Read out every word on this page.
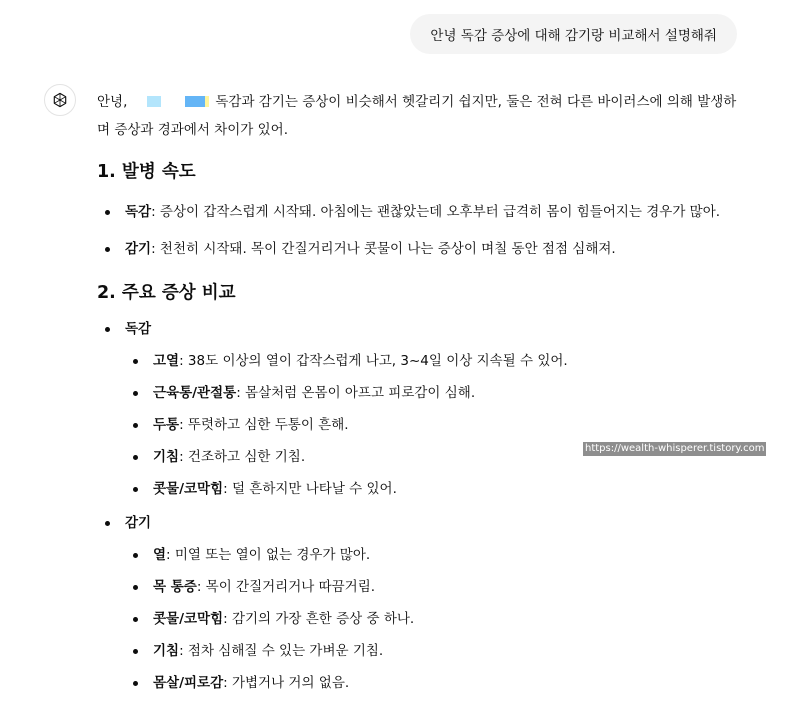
안녕 독감 증상에 대해 감기랑 비교해서 설명해줘

안녕,	독감과 감기는 증상이 비슷해서 헷갈리기 쉽지만, 둘은 전혀 다른 바이러스에 의해 발생하며 증상과 경과에서 차이가 있어.

1. 발병 속도
독감: 증상이 갑작스럽게 시작돼. 아침에는 괜찮았는데 오후부터 급격히 몸이 힘들어지는 경우가 많아.
감기: 천천히 시작돼. 목이 간질거리거나 콧물이 나는 증상이 며칠 동안 점점 심해져.
2. 주요 증상 비교
독감
고열: 38도 이상의 열이 갑작스럽게 나고, 3~4일 이상 지속될 수 있어.
근육통/관절통: 몸살처럼 온몸이 아프고 피로감이 심해.
두통: 뚜렷하고 심한 두통이 흔해.
기침: 건조하고 심한 기침.
콧물/코막힘: 덜 흔하지만 나타날 수 있어.
감기
열: 미열 또는 열이 없는 경우가 많아.
목 통증: 목이 간질거리거나 따끔거림.
콧물/코막힘: 감기의 가장 흔한 증상 중 하나.
기침: 점차 심해질 수 있는 가벼운 기침.
몸살/피로감: 가볍거나 거의 없음.
https://wealth-whisperer.tistory.com
